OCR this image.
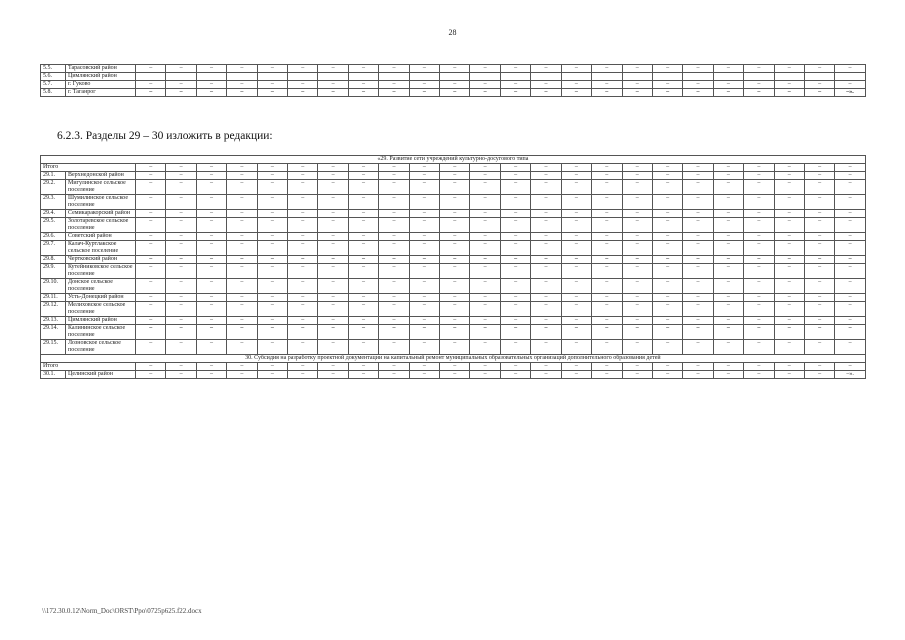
28
5.5.	Тарасовский район	–	–	–	–	–	–	–	–	–	–	–	–	–	–	–	–	–	–	–	–	–	–	–	–
5.6.	Цимлянский район																								
5.7.	г. Гуково	–	–	–	–	–	–	–	–	–	–	–	–	–	–	–	–	–	–	–	–	–	–	–	–
5.8.	г. Таганрог	–	–	–	–	–	–	–	–	–	–	–	–	–	–	–	–	–	–	–	–	–	–	–	–».
6.2.3. Разделы 29 – 30 изложить в редакции:
«29. Развитие сети учреждений культурно-досугового типа																									
Итого		–	–	–	–	–	–	–	–	–	–	–	–	–	–	–	–	–	–	–	–	–	–	–	–
29.1.	Верхнедонской район	–	–	–	–	–	–	–	–	–	–	–	–	–	–	–	–	–	–	–	–	–	–	–	–
29.2.	Мигулинское сельское поселение	–	–	–	–	–	–	–	–	–	–	–	–	–	–	–	–	–	–	–	–	–	–	–	–
29.3.	Шумилинское сельское поселение	–	–	–	–	–	–	–	–	–	–	–	–	–	–	–	–	–	–	–	–	–	–	–	–
29.4.	Семикаракорский район	–	–	–	–	–	–	–	–	–	–	–	–	–	–	–	–	–	–	–	–	–	–	–	–
29.5.	Золотаревское сельское поселение	–	–	–	–	–	–	–	–	–	–	–	–	–	–	–	–	–	–	–	–	–	–	–	–
29.6.	Советский район	–	–	–	–	–	–	–	–	–	–	–	–	–	–	–	–	–	–	–	–	–	–	–	–
29.7.	Калач-Куртлакское сельское поселение	–	–	–	–	–	–	–	–	–	–	–	–	–	–	–	–	–	–	–	–	–	–	–	–
29.8.	Чертковский район	–	–	–	–	–	–	–	–	–	–	–	–	–	–	–	–	–	–	–	–	–	–	–	–
29.9.	Кутейниковское сельское поселение	–	–	–	–	–	–	–	–	–	–	–	–	–	–	–	–	–	–	–	–	–	–	–	–
29.10.	Донское сельское поселение	–	–	–	–	–	–	–	–	–	–	–	–	–	–	–	–	–	–	–	–	–	–	–	–
29.11.	Усть-Донецкий район	–	–	–	–	–	–	–	–	–	–	–	–	–	–	–	–	–	–	–	–	–	–	–	–
29.12.	Мелиховское сельское поселение	–	–	–	–	–	–	–	–	–	–	–	–	–	–	–	–	–	–	–	–	–	–	–	–
29.13.	Цимлянский район	–	–	–	–	–	–	–	–	–	–	–	–	–	–	–	–	–	–	–	–	–	–	–	–
29.14.	Калининское сельское поселение	–	–	–	–	–	–	–	–	–	–	–	–	–	–	–	–	–	–	–	–	–	–	–	–
29.15.	Лозновское сельское поселение	–	–	–	–	–	–	–	–	–	–	–	–	–	–	–	–	–	–	–	–	–	–	–	–
30. Субсидия на разработку проектной документации на капитальный ремонт муниципальных образовательных организаций дополнительного образования детей																									
Итого		–	–	–	–	–	–	–	–	–	–	–	–	–	–	–	–	–	–	–	–	–	–	–	–
30.1.	Целинский район	–	–	–	–	–	–	–	–	–	–	–	–	–	–	–	–	–	–	–	–	–	–	–	–».
\\172.30.0.12\Norm_Doc\ORST\Ppo\0725p625.f22.docx
